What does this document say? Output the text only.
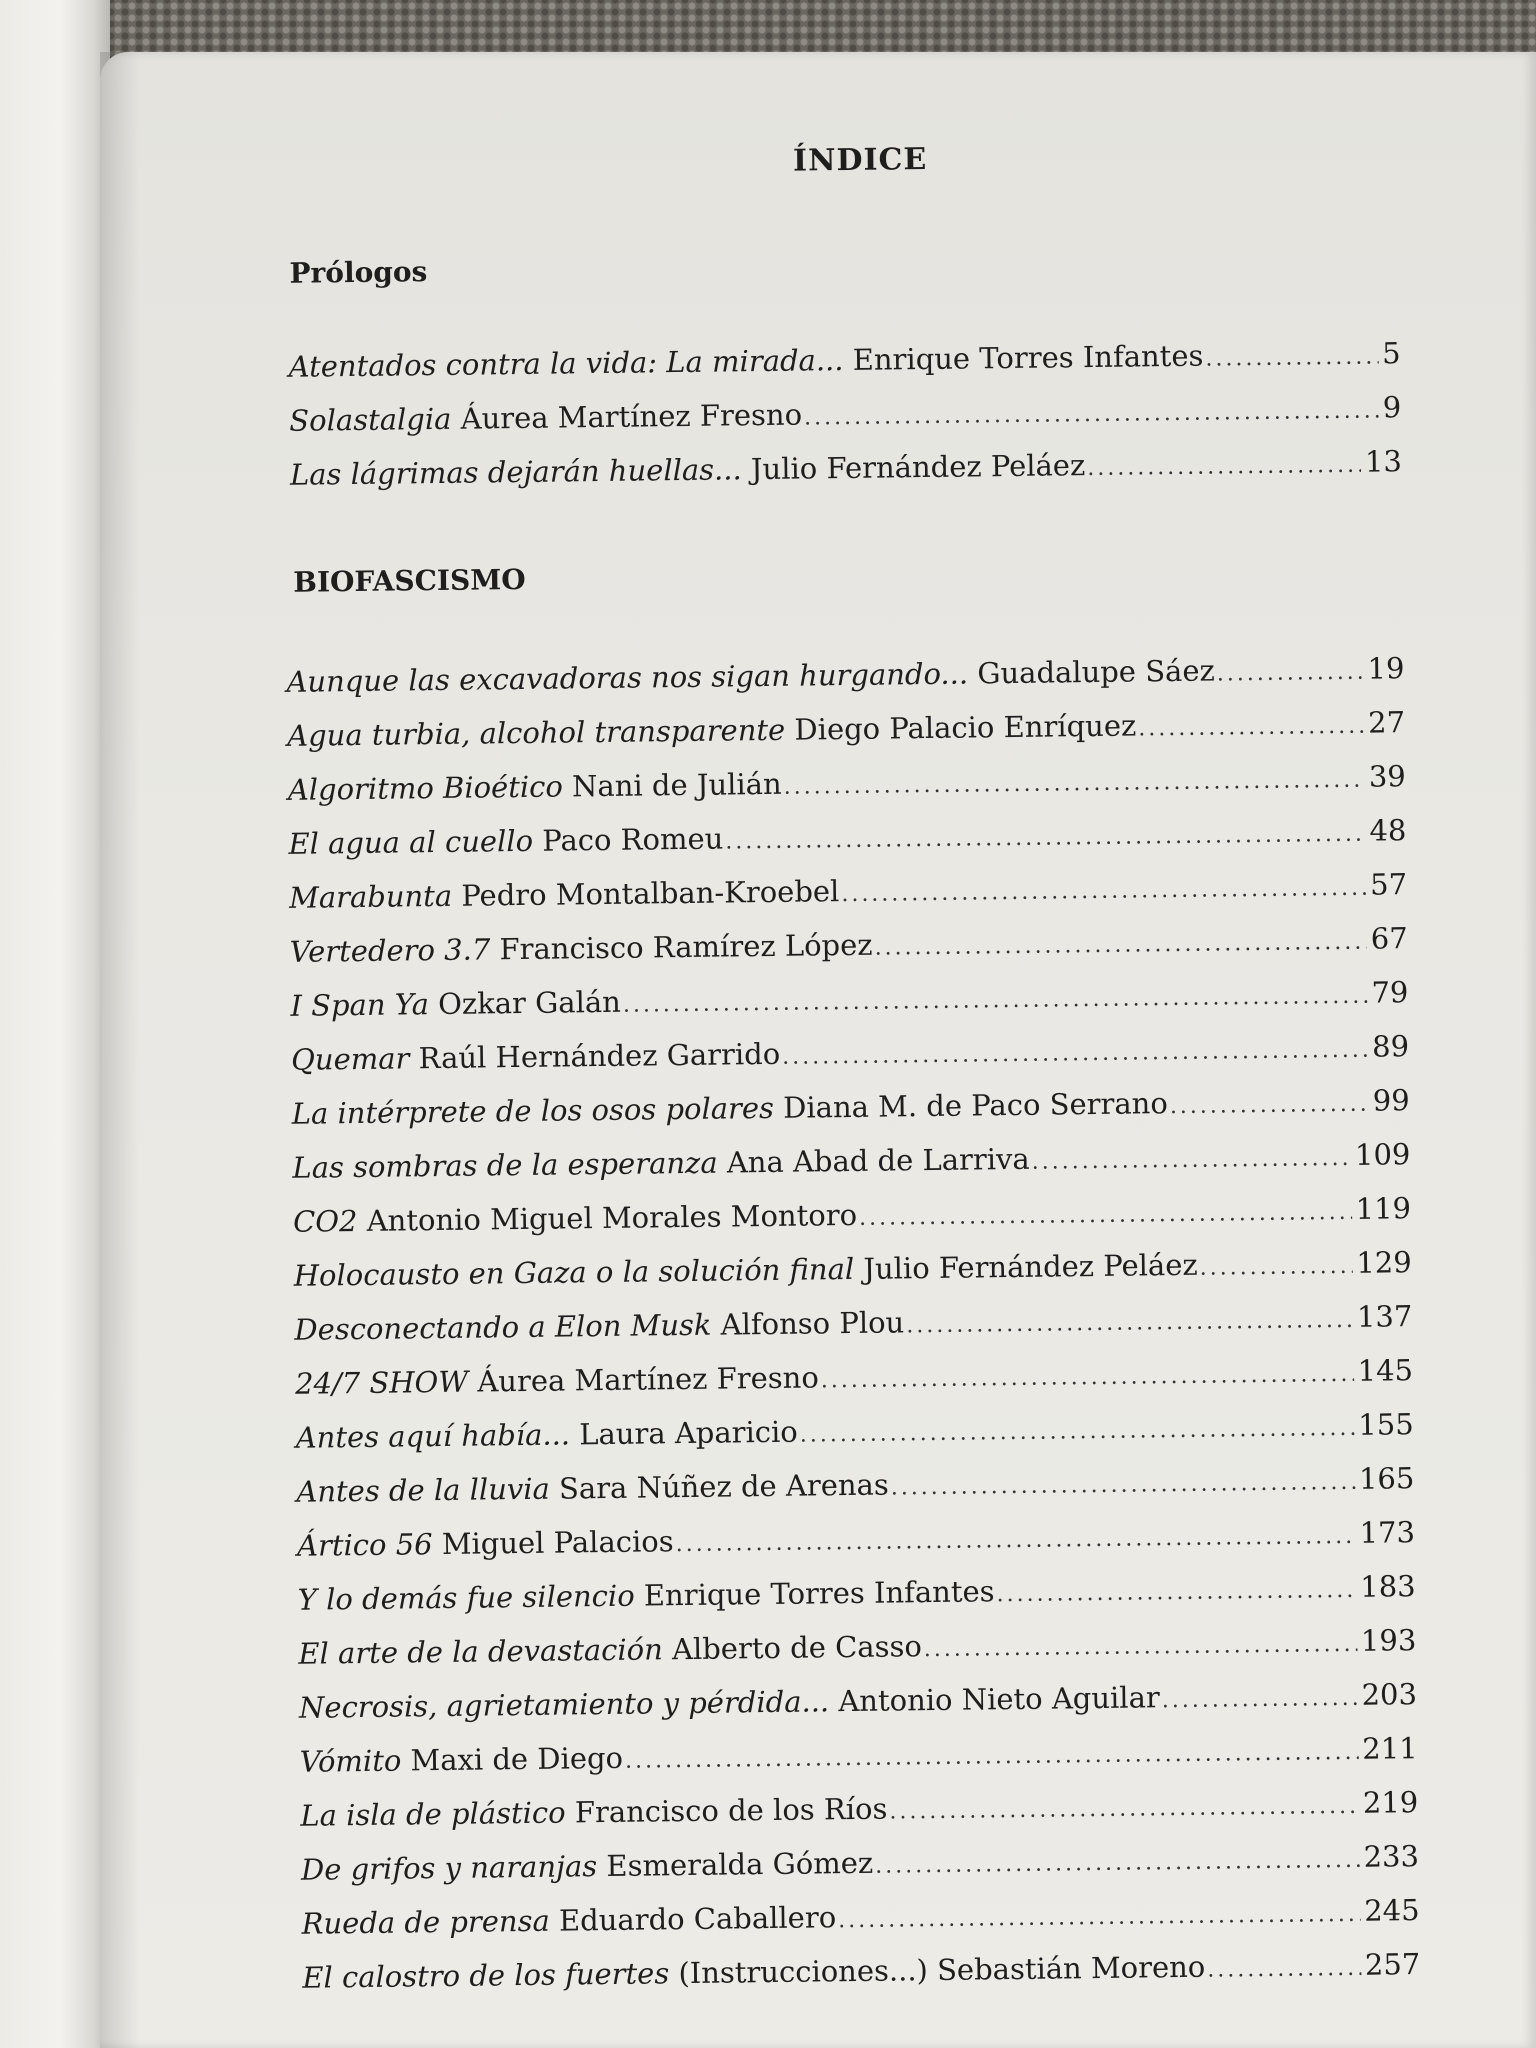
ÍNDICE
Prólogos
Atentados contra la vida: La mirada...
Enrique Torres Infantes .....	5
Solastalgia
Áurea Martínez Fresno .....	9
Las lágrimas dejarán huellas...
Julio Fernández Peláez .....	13
BIOFASCISMO
Aunque las excavadoras nos sigan hurgando...
Guadalupe Sáez .....	19
Agua turbia, alcohol transparente
Diego Palacio Enríquez .....	27
Algoritmo Bioético
Nani de Julián .....	39
El agua al cuello
Paco Romeu .....	48
Marabunta
Pedro Montalban-Kroebel .....	57
Vertedero 3.7
Francisco Ramírez López .....	67
I Span Ya
Ozkar Galán .....	79
Quemar
Raúl Hernández Garrido .....	89
La intérprete de los osos polares
Diana M. de Paco Serrano .....	99
Las sombras de la esperanza
Ana Abad de Larriva .....	109
CO2
Antonio Miguel Morales Montoro .....	119
Holocausto en Gaza o la solución final
Julio Fernández Peláez .....	129
Desconectando a Elon Musk
Alfonso Plou .....	137
24/7 SHOW
Áurea Martínez Fresno .....	145
Antes aquí había...
Laura Aparicio .....	155
Antes de la lluvia
Sara Núñez de Arenas .....	165
Ártico 56
Miguel Palacios .....	173
Y lo demás fue silencio
Enrique Torres Infantes .....	183
El arte de la devastación
Alberto de Casso .....	193
Necrosis, agrietamiento y pérdida...
Antonio Nieto Aguilar .....	203
Vómito
Maxi de Diego .....	211
La isla de plástico
Francisco de los Ríos .....	219
De grifos y naranjas
Esmeralda Gómez .....	233
Rueda de prensa
Eduardo Caballero .....	245
El calostro de los fuertes
(Instrucciones...) Sebastián Moreno .....	257
